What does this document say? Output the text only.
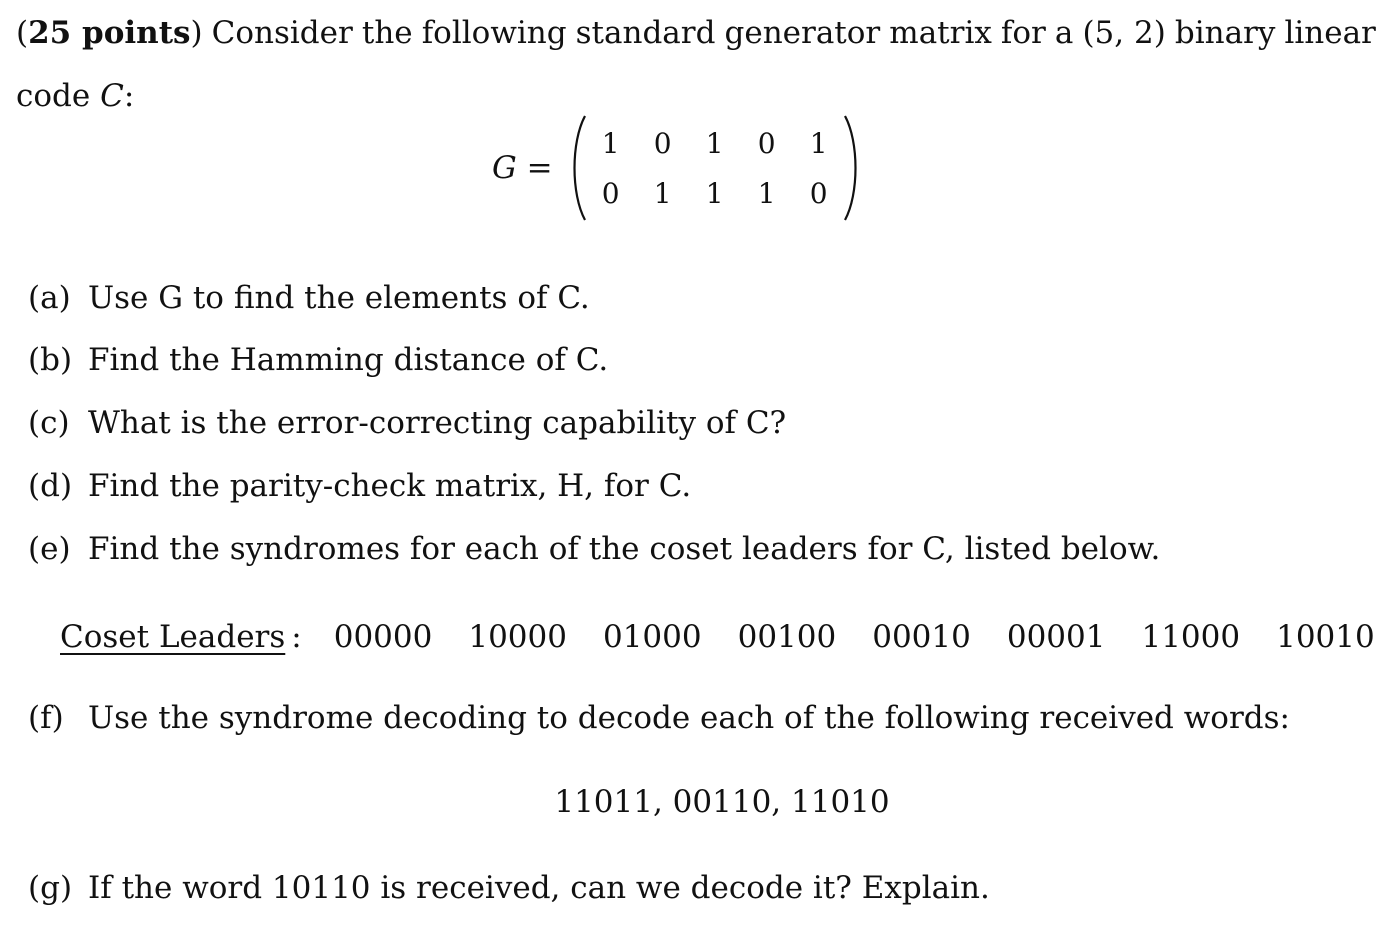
(25 points) Consider the following standard generator matrix for a (5, 2) binary linear
code C:
G =
1 0 1 0 1
0 1 1 1 0
(a) Use G to find the elements of C.
(b) Find the Hamming distance of C.
(c) What is the error-correcting capability of C?
(d) Find the parity-check matrix, H, for C.
(e) Find the syndromes for each of the coset leaders for C, listed below.
Coset Leaders : 00000 10000 01000 00100 00010 00001 11000 10010
(f) Use the syndrome decoding to decode each of the following received words:
11011, 00110, 11010
(g) If the word 10110 is received, can we decode it? Explain.
